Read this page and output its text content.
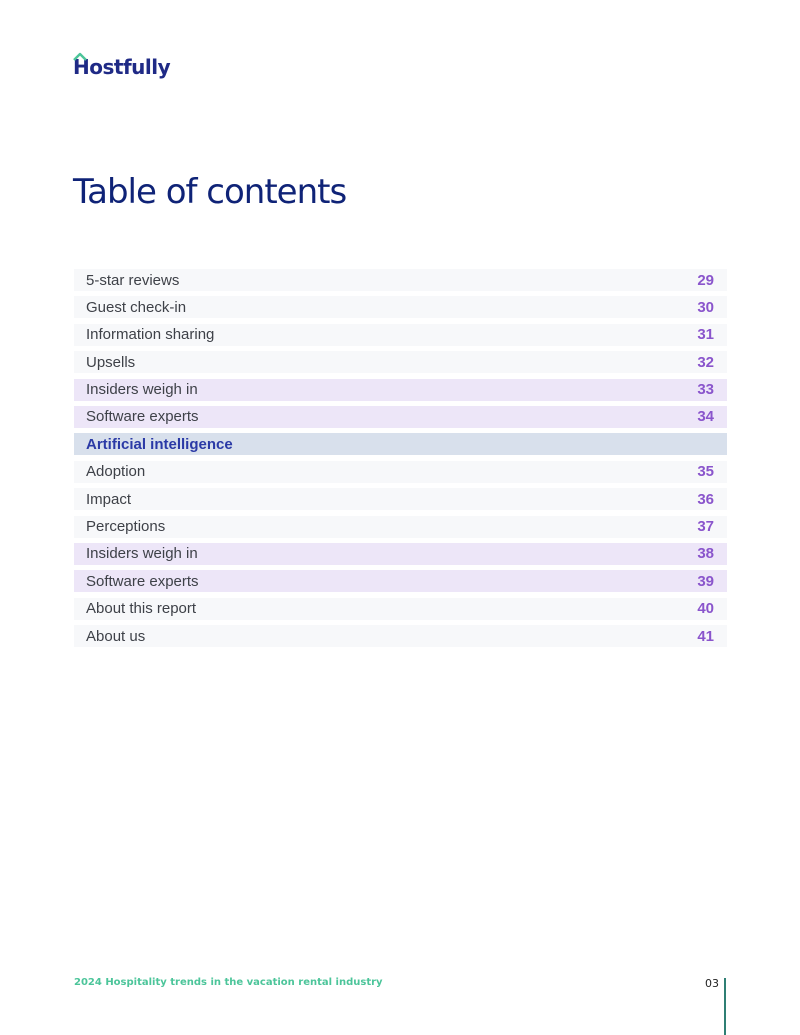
Hostfully
Table of contents
5-star reviews	29
Guest check-in	30
Information sharing	31
Upsells	32
Insiders weigh in	33
Software experts	34
Artificial intelligence
Adoption	35
Impact	36
Perceptions	37
Insiders weigh in	38
Software experts	39
About this report	40
About us	41
2024 Hospitality trends in the vacation rental industry	03
